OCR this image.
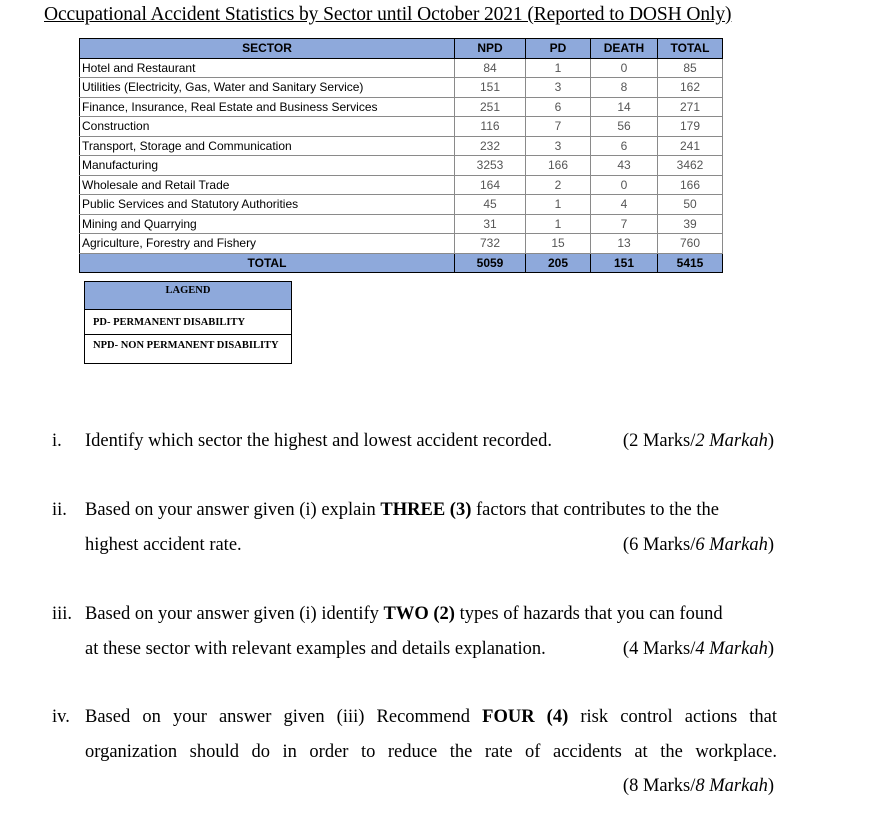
Occupational Accident Statistics by Sector until October 2021 (Reported to DOSH Only)
SECTOR	NPD	PD	DEATH	TOTAL
Hotel and Restaurant	84	1	0	85
Utilities (Electricity, Gas, Water and Sanitary Service)	151	3	8	162
Finance, Insurance, Real Estate and Business Services	251	6	14	271
Construction	116	7	56	179
Transport, Storage and Communication	232	3	6	241
Manufacturing	3253	166	43	3462
Wholesale and Retail Trade	164	2	0	166
Public Services and Statutory Authorities	45	1	4	50
Mining and Quarrying	31	1	7	39
Agriculture, Forestry and Fishery	732	15	13	760
TOTAL	5059	205	151	5415
LAGEND
PD- PERMANENT DISABILITY
NPD- NON PERMANENT DISABILITY
i. Identify which sector the highest and lowest accident recorded.	(2 Marks/2 Markah)
ii. Based on your answer given (i) explain THREE (3) factors that contributes to the the
highest accident rate.	(6 Marks/6 Markah)
iii. Based on your answer given (i) identify TWO (2) types of hazards that you can found
at these sector with relevant examples and details explanation.	(4 Marks/4 Markah)
iv. Based on your answer given (iii) Recommend FOUR (4) risk control actions that
organization should do in order to reduce the rate of accidents at the workplace.
(8 Marks/8 Markah)
